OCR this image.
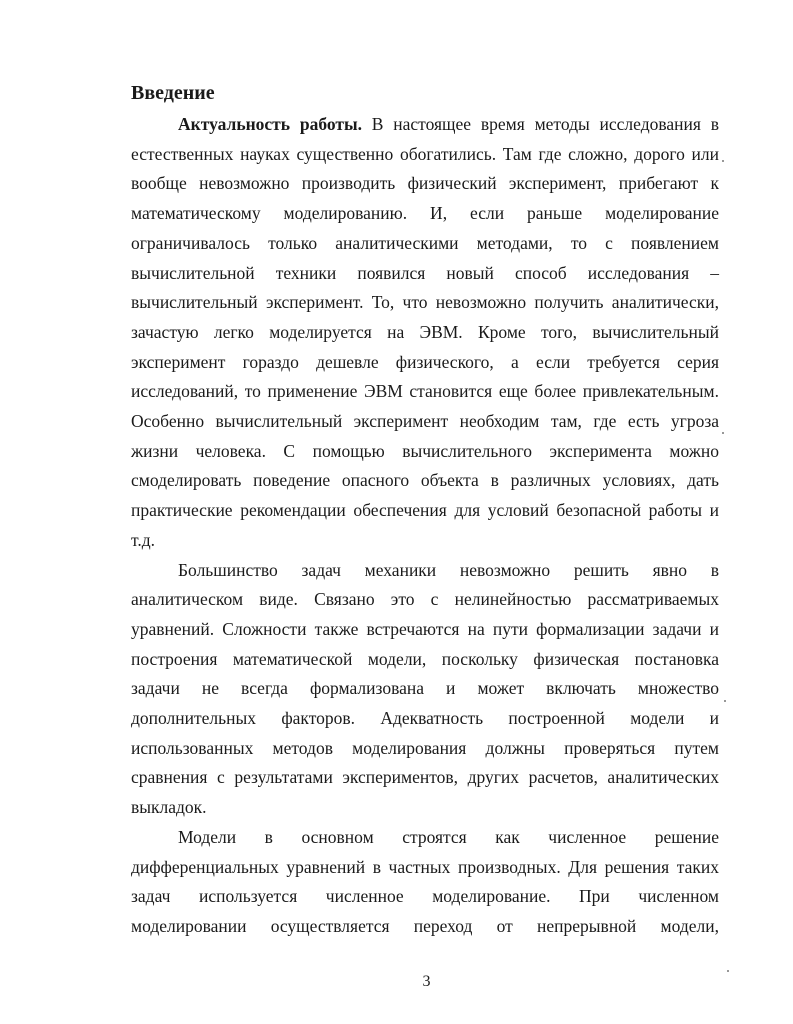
Введение
Актуальность работы. В настоящее время методы исследования в
естественных науках существенно обогатились. Там где сложно, дорого или
вообще невозможно производить физический эксперимент, прибегают к
математическому моделированию. И, если раньше моделирование
ограничивалось только аналитическими методами, то с появлением
вычислительной техники появился новый способ исследования –
вычислительный эксперимент. То, что невозможно получить аналитически,
зачастую легко моделируется на ЭВМ. Кроме того, вычислительный
эксперимент гораздо дешевле физического, а если требуется серия
исследований, то применение ЭВМ становится еще более привлекательным.
Особенно вычислительный эксперимент необходим там, где есть угроза
жизни человека. С помощью вычислительного эксперимента можно
смоделировать поведение опасного объекта в различных условиях, дать
практические рекомендации обеспечения для условий безопасной работы и
т.д.
Большинство задач механики невозможно решить явно в
аналитическом виде. Связано это с нелинейностью рассматриваемых
уравнений. Сложности также встречаются на пути формализации задачи и
построения математической модели, поскольку физическая постановка
задачи не всегда формализована и может включать множество
дополнительных факторов. Адекватность построенной модели и
использованных методов моделирования должны проверяться путем
сравнения с результатами экспериментов, других расчетов, аналитических
выкладок.
Модели в основном строятся как численное решение
дифференциальных уравнений в частных производных. Для решения таких
задач используется численное моделирование. При численном
моделировании осуществляется переход от непрерывной модели,
3
